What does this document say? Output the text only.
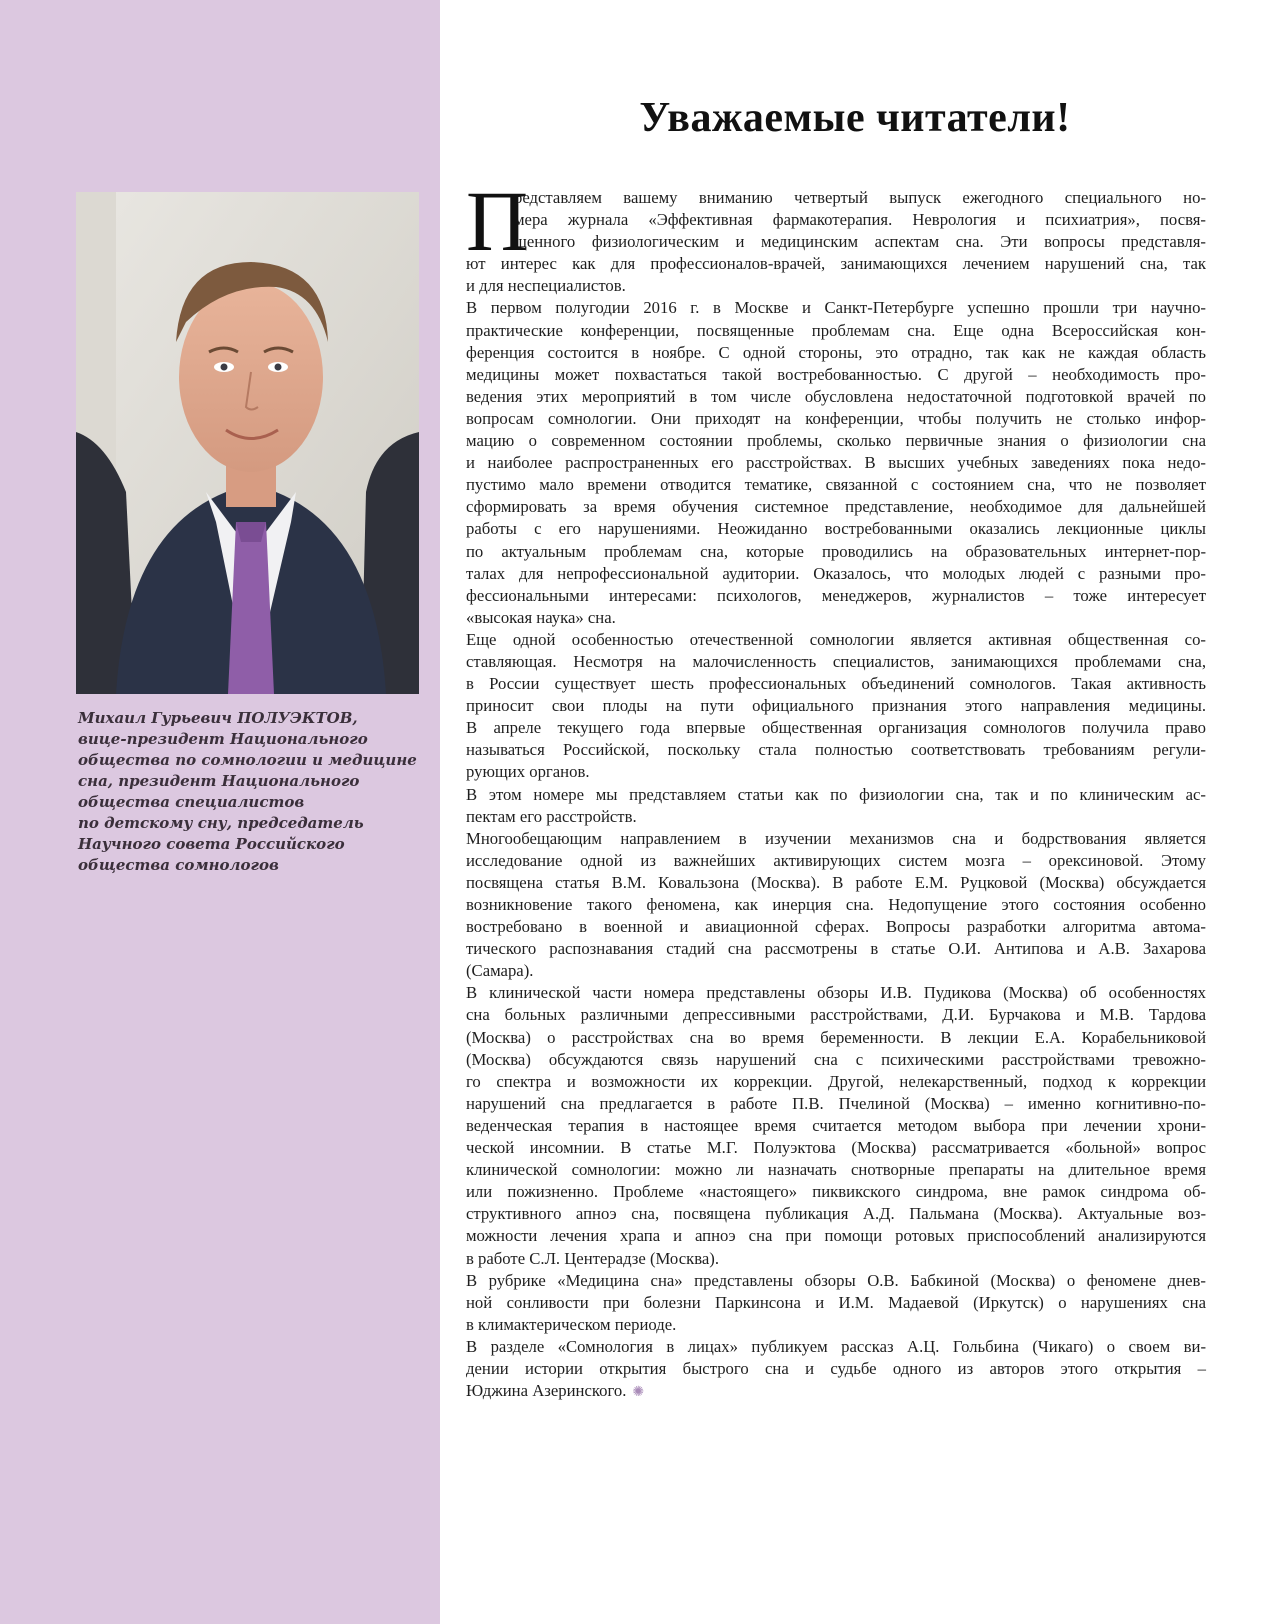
Михаил Гурьевич ПОЛУЭКТОВ,
вице-президент Национального
общества по сомнологии и медицине
сна, президент Национального
общества специалистов
по детскому сну, председатель
Научного совета Российского
общества сомнологов
Уважаемые читатели!
П
редставляем вашему вниманию четвертый выпуск ежегодного специального но-
мера журнала «Эффективная фармакотерапия. Неврология и психиатрия», посвя-
щенного физиологическим и медицинским аспектам сна. Эти вопросы представля-
ют интерес как для профессионалов-врачей, занимающихся лечением нарушений сна, так
и для неспециалистов.
В первом полугодии 2016 г. в Москве и Санкт-Петербурге успешно прошли три научно-
практические конференции, посвященные проблемам сна. Еще одна Всероссийская кон-
ференция состоится в ноябре. С одной стороны, это отрадно, так как не каждая область
медицины может похвастаться такой востребованностью. С другой – необходимость про-
ведения этих мероприятий в том числе обусловлена недостаточной подготовкой врачей по
вопросам сомнологии. Они приходят на конференции, чтобы получить не столько инфор-
мацию о современном состоянии проблемы, сколько первичные знания о физиологии сна
и наиболее распространенных его расстройствах. В высших учебных заведениях пока недо-
пустимо мало времени отводится тематике, связанной с состоянием сна, что не позволяет
сформировать за время обучения системное представление, необходимое для дальнейшей
работы с его нарушениями. Неожиданно востребованными оказались лекционные циклы
по актуальным проблемам сна, которые проводились на образовательных интернет-пор-
талах для непрофессиональной аудитории. Оказалось, что молодых людей с разными про-
фессиональными интересами: психологов, менеджеров, журналистов – тоже интересует
«высокая наука» сна.
Еще одной особенностью отечественной сомнологии является активная общественная со-
ставляющая. Несмотря на малочисленность специалистов, занимающихся проблемами сна,
в России существует шесть профессиональных объединений сомнологов. Такая активность
приносит свои плоды на пути официального признания этого направления медицины.
В апреле текущего года впервые общественная организация сомнологов получила право
называться Российской, поскольку стала полностью соответствовать требованиям регули-
рующих органов.
В этом номере мы представляем статьи как по физиологии сна, так и по клиническим ас-
пектам его расстройств.
Многообещающим направлением в изучении механизмов сна и бодрствования является
исследование одной из важнейших активирующих систем мозга – орексиновой. Этому
посвящена статья В.М. Ковальзона (Москва). В работе Е.М. Руцковой (Москва) обсуждается
возникновение такого феномена, как инерция сна. Недопущение этого состояния особенно
востребовано в военной и авиационной сферах. Вопросы разработки алгоритма автома-
тического распознавания стадий сна рассмотрены в статье О.И. Антипова и А.В. Захарова
(Самара).
В клинической части номера представлены обзоры И.В. Пудикова (Москва) об особенностях
сна больных различными депрессивными расстройствами, Д.И. Бурчакова и М.В. Тардова
(Москва) о расстройствах сна во время беременности. В лекции Е.А. Корабельниковой
(Москва) обсуждаются связь нарушений сна с психическими расстройствами тревожно-
го спектра и возможности их коррекции. Другой, нелекарственный, подход к коррекции
нарушений сна предлагается в работе П.В. Пчелиной (Москва) – именно когнитивно-по-
веденческая терапия в настоящее время считается методом выбора при лечении хрони-
ческой инсомнии. В статье М.Г. Полуэктова (Москва) рассматривается «больной» вопрос
клинической сомнологии: можно ли назначать снотворные препараты на длительное время
или пожизненно. Проблеме «настоящего» пиквикского синдрома, вне рамок синдрома об-
структивного апноэ сна, посвящена публикация А.Д. Пальмана (Москва). Актуальные воз-
можности лечения храпа и апноэ сна при помощи ротовых приспособлений анализируются
в работе С.Л. Центерадзе (Москва).
В рубрике «Медицина сна» представлены обзоры О.В. Бабкиной (Москва) о феномене днев-
ной сонливости при болезни Паркинсона и И.М. Мадаевой (Иркутск) о нарушениях сна
в климактерическом периоде.
В разделе «Сомнология в лицах» публикуем рассказ А.Ц. Гольбина (Чикаго) о своем ви-
дении истории открытия быстрого сна и судьбе одного из авторов этого открытия –
Юджина Азеринского. ✺
